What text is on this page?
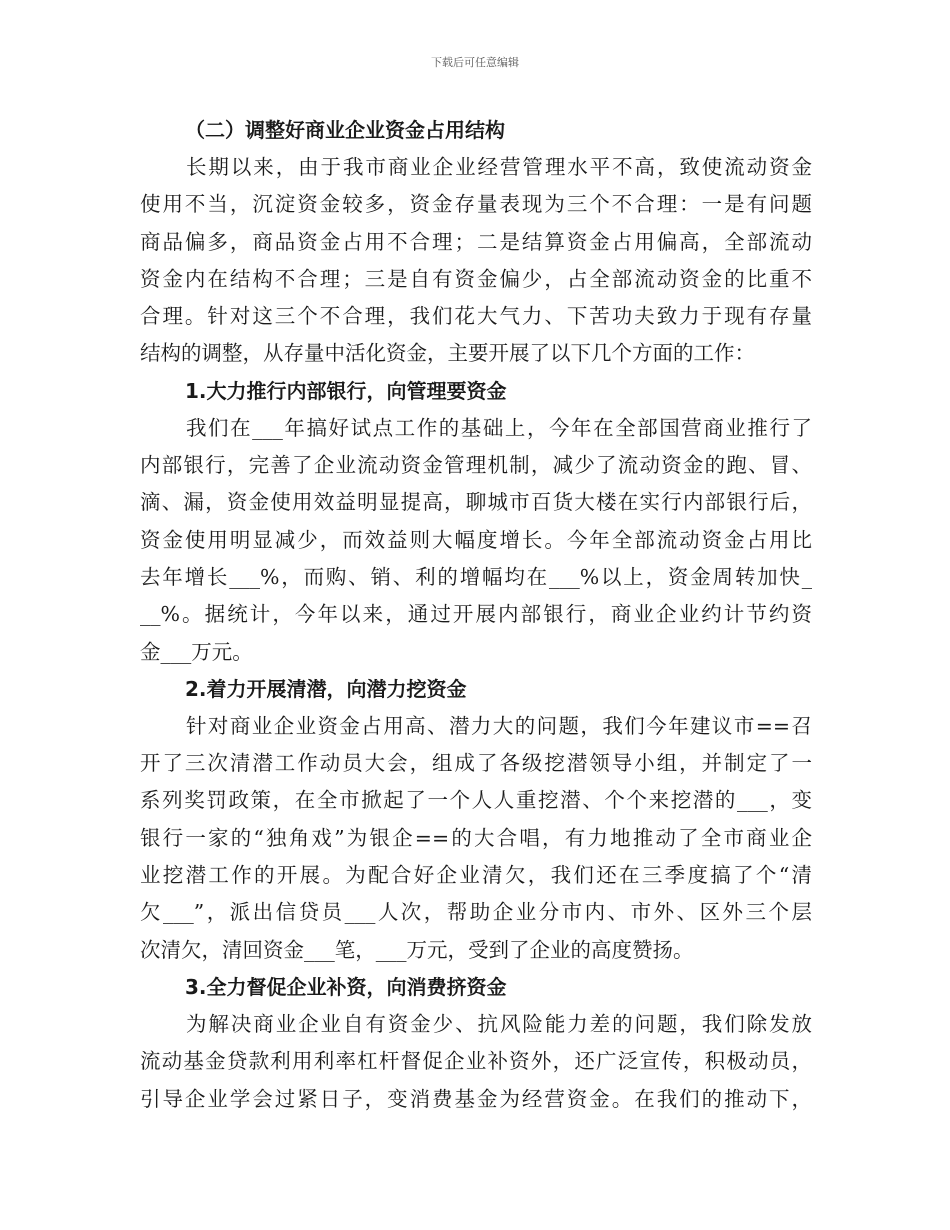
下载后可任意编辑
（二）调整好商业企业资金占用结构
长期以来，由于我市商业企业经营管理水平不高，致使流动资金
使用不当，沉淀资金较多，资金存量表现为三个不合理：一是有问题
商品偏多，商品资金占用不合理；二是结算资金占用偏高，全部流动
资金内在结构不合理；三是自有资金偏少，占全部流动资金的比重不
合理。针对这三个不合理，我们花大气力、下苦功夫致力于现有存量
结构的调整，从存量中活化资金，主要开展了以下几个方面的工作：
1.大力推行内部银行，向管理要资金
我们在___年搞好试点工作的基础上，今年在全部国营商业推行了
内部银行，完善了企业流动资金管理机制，减少了流动资金的跑、冒、
滴、漏，资金使用效益明显提高，聊城市百货大楼在实行内部银行后，
资金使用明显减少，而效益则大幅度增长。今年全部流动资金占用比
去年增长___%，而购、销、利的增幅均在___%以上，资金周转加快_
__%。据统计，今年以来，通过开展内部银行，商业企业约计节约资
金___万元。
2.着力开展清潜，向潜力挖资金
针对商业企业资金占用高、潜力大的问题，我们今年建议市==召
开了三次清潜工作动员大会，组成了各级挖潜领导小组，并制定了一
系列奖罚政策，在全市掀起了一个人人重挖潜、个个来挖潜的___，变
银行一家的“独角戏”为银企==的大合唱，有力地推动了全市商业企
业挖潜工作的开展。为配合好企业清欠，我们还在三季度搞了个“清
欠___”，派出信贷员___人次，帮助企业分市内、市外、区外三个层
次清欠，清回资金___笔，___万元，受到了企业的高度赞扬。
3.全力督促企业补资，向消费挤资金
为解决商业企业自有资金少、抗风险能力差的问题，我们除发放
流动基金贷款利用利率杠杆督促企业补资外，还广泛宣传，积极动员，
引导企业学会过紧日子，变消费基金为经营资金。在我们的推动下，
